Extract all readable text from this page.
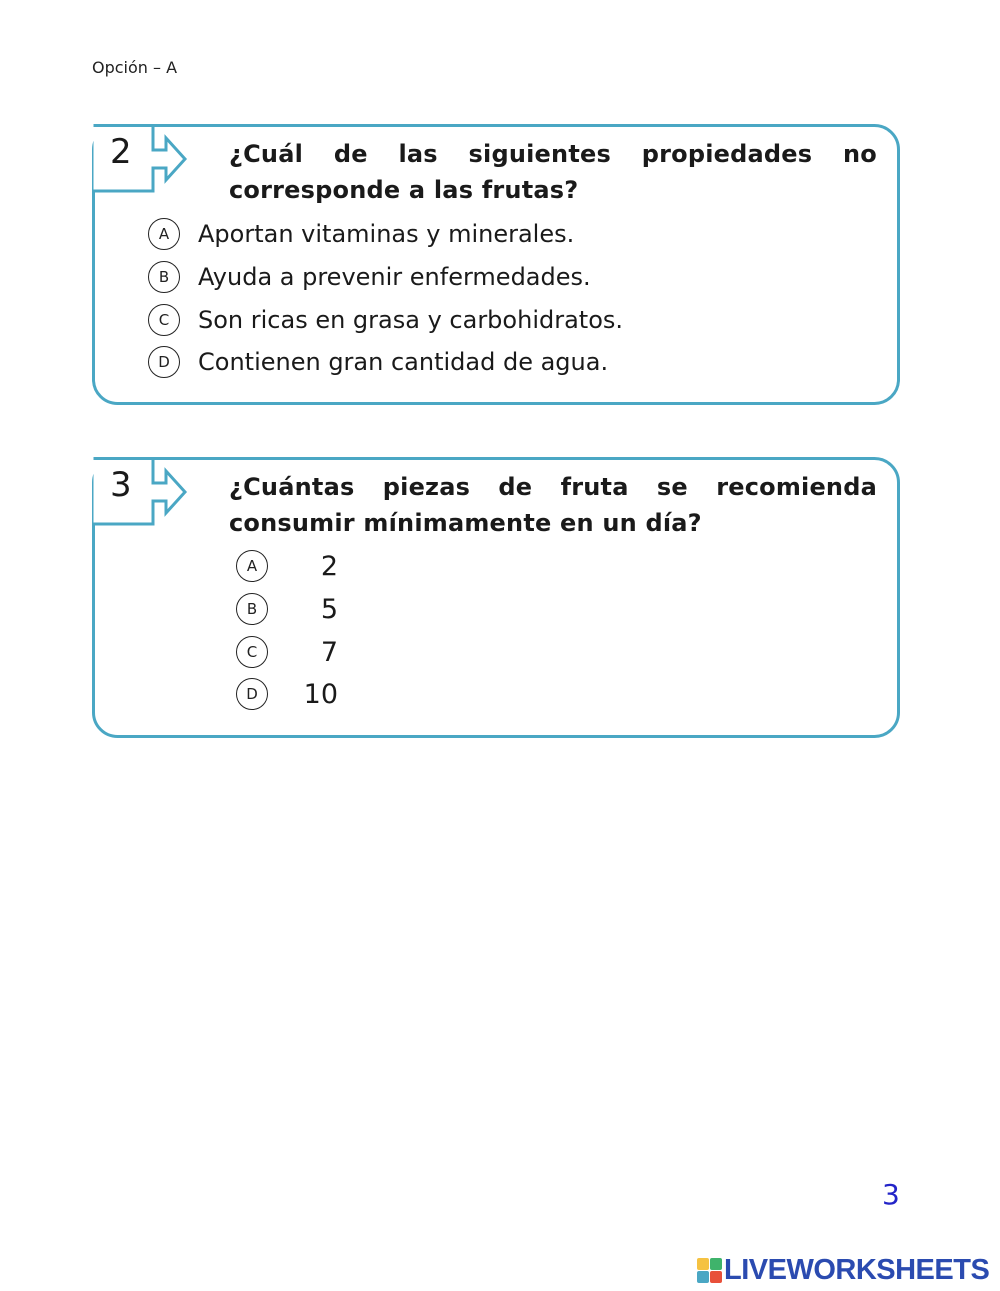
Opción – A
2	¿Cuál de las siguientes propiedades no corresponde a las frutas?
A	Aportan vitaminas y minerales.
B	Ayuda a prevenir enfermedades.
C	Son ricas en grasa y carbohidratos.
D	Contienen gran cantidad de agua.
3	¿Cuántas piezas de fruta se recomienda consumir mínimamente en un día?
A	2
B	5
C	7
D	10
3
LIVEWORKSHEETS
